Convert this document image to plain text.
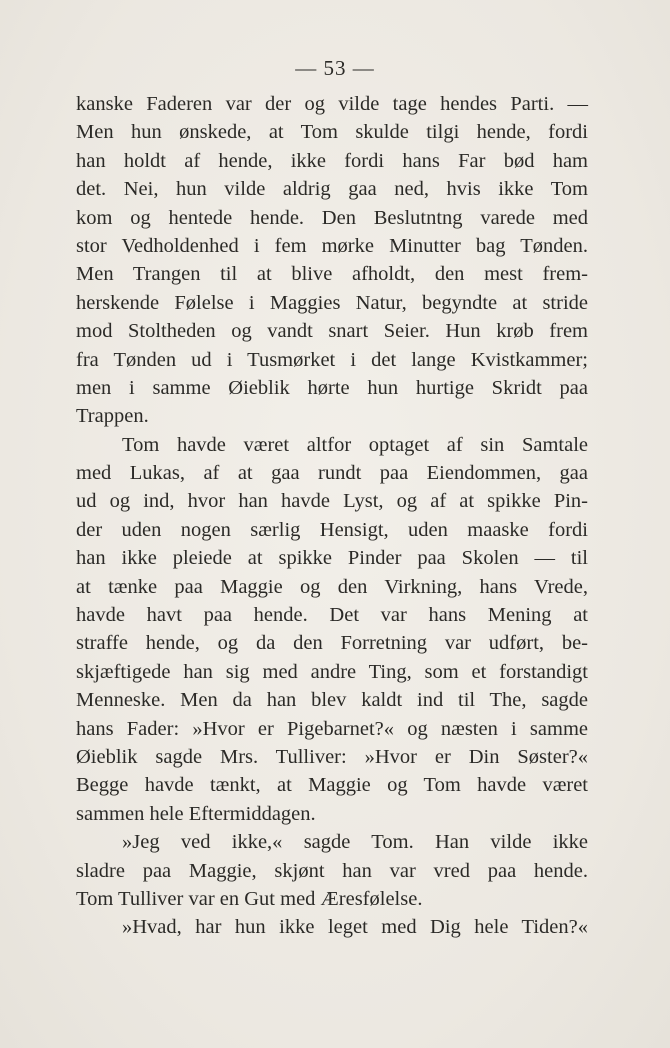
— 53 —
kanske Faderen var der og vilde tage hendes Parti. —
Men hun ønskede, at Tom skulde tilgi hende, fordi
han holdt af hende, ikke fordi hans Far bød ham
det. Nei, hun vilde aldrig gaa ned, hvis ikke Tom
kom og hentede hende. Den Beslutntng varede med
stor Vedholdenhed i fem mørke Minutter bag Tønden.
Men Trangen til at blive afholdt, den mest frem-
herskende Følelse i Maggies Natur, begyndte at stride
mod Stoltheden og vandt snart Seier. Hun krøb frem
fra Tønden ud i Tusmørket i det lange Kvistkammer;
men i samme Øieblik hørte hun hurtige Skridt paa
Trappen.
Tom havde været altfor optaget af sin Samtale
med Lukas, af at gaa rundt paa Eiendommen, gaa
ud og ind, hvor han havde Lyst, og af at spikke Pin-
der uden nogen særlig Hensigt, uden maaske fordi
han ikke pleiede at spikke Pinder paa Skolen — til
at tænke paa Maggie og den Virkning, hans Vrede,
havde havt paa hende. Det var hans Mening at
straffe hende, og da den Forretning var udført, be-
skjæftigede han sig med andre Ting, som et forstandigt
Menneske. Men da han blev kaldt ind til The, sagde
hans Fader: »Hvor er Pigebarnet?« og næsten i samme
Øieblik sagde Mrs. Tulliver: »Hvor er Din Søster?«
Begge havde tænkt, at Maggie og Tom havde været
sammen hele Eftermiddagen.
»Jeg ved ikke,« sagde Tom. Han vilde ikke
sladre paa Maggie, skjønt han var vred paa hende.
Tom Tulliver var en Gut med Æresfølelse.
»Hvad, har hun ikke leget med Dig hele Tiden?«
